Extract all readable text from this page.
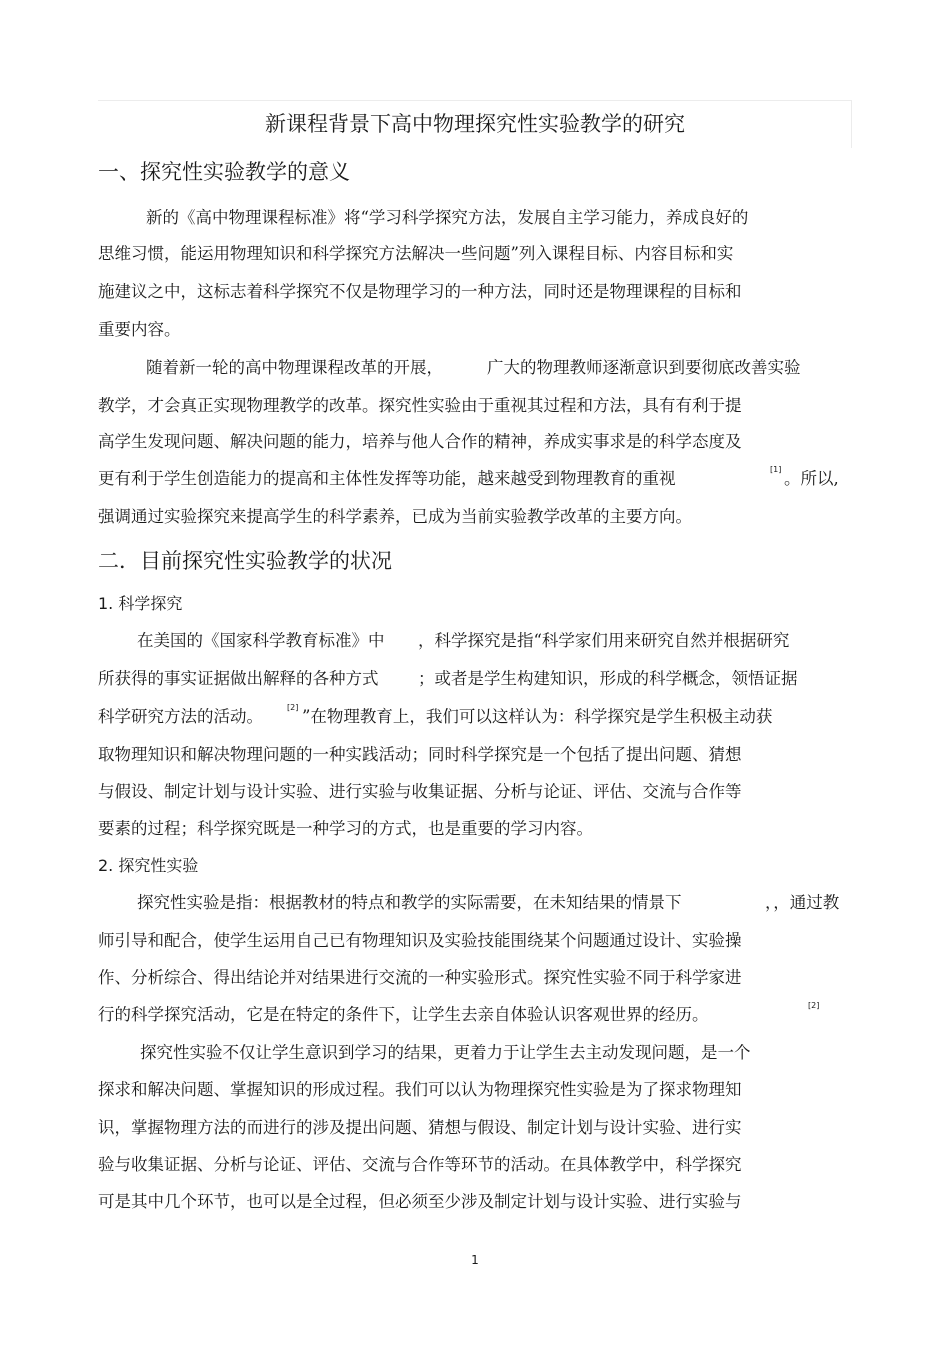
新课程背景下高中物理探究性实验教学的研究
一、探究性实验教学的意义
新的《高中物理课程标准》将“学习科学探究方法，发展自主学习能力，养成良好的
思维习惯，能运用物理知识和科学探究方法解决一些问题”列入课程目标、内容目标和实
施建议之中，这标志着科学探究不仅是物理学习的一种方法，同时还是物理课程的目标和
重要内容。
随着新一轮的高中物理课程改革的开展，	广大的物理教师逐渐意识到要彻底改善实验
教学，才会真正实现物理教学的改革。探究性实验由于重视其过程和方法，具有有利于提
高学生发现问题、解决问题的能力，培养与他人合作的精神，养成实事求是的科学态度及
更有利于学生创造能力的提高和主体性发挥等功能，越来越受到物理教育的重视	[1] 。所以,
强调通过实验探究来提高学生的科学素养，已成为当前实验教学改革的主要方向。
二．目前探究性实验教学的状况
1. 科学探究
在美国的《国家科学教育标准》中 ，科学探究是指“科学家们用来研究自然并根据研究
所获得的事实证据做出解释的各种方式 ；或者是学生构建知识，形成的科学概念，领悟证据
科学研究方法的活动。	[2] ”在物理教育上，我们可以这样认为：科学探究是学生积极主动获
取物理知识和解决物理问题的一种实践活动；同时科学探究是一个包括了提出问题、猜想
与假设、制定计划与设计实验、进行实验与收集证据、分析与论证、评估、交流与合作等
要素的过程；科学探究既是一种学习的方式，也是重要的学习内容。
2. 探究性实验
探究性实验是指：根据教材的特点和教学的实际需要，在未知结果的情景下	，，通过教
师引导和配合，使学生运用自己已有物理知识及实验技能围绕某个问题通过设计、实验操
作、分析综合、得出结论并对结果进行交流的一种实验形式。探究性实验不同于科学家进
行的科学探究活动，它是在特定的条件下，让学生去亲自体验认识客观世界的经历。	[2]
探究性实验不仅让学生意识到学习的结果，更着力于让学生去主动发现问题，是一个
探求和解决问题、掌握知识的形成过程。我们可以认为物理探究性实验是为了探求物理知
识，掌握物理方法的而进行的涉及提出问题、猜想与假设、制定计划与设计实验、进行实
验与收集证据、分析与论证、评估、交流与合作等环节的活动。在具体教学中，科学探究
可是其中几个环节，也可以是全过程，但必须至少涉及制定计划与设计实验、进行实验与
1
